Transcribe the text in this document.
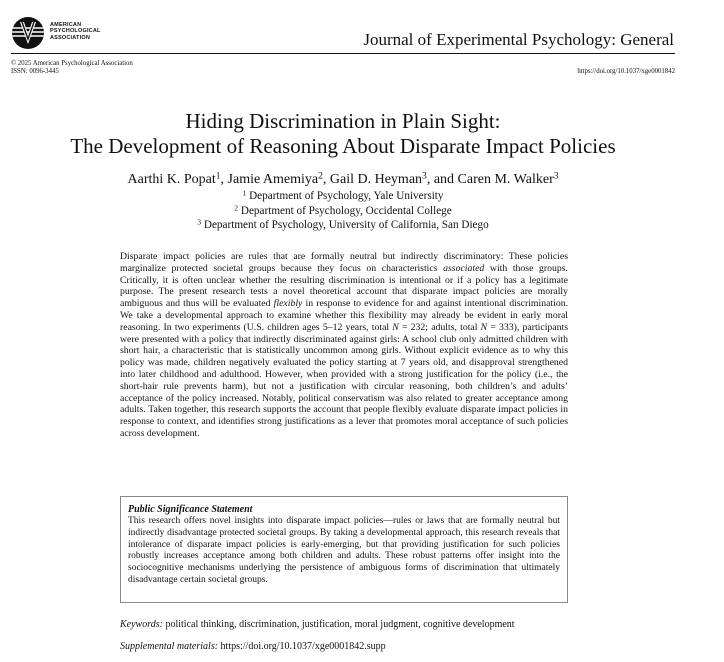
AMERICAN
PSYCHOLOGICAL
ASSOCIATION	Journal of Experimental Psychology: General
© 2025 American Psychological Association
ISSN: 0096-3445	https://doi.org/10.1037/xge0001842
Hiding Discrimination in Plain Sight:
The Development of Reasoning About Disparate Impact Policies
Aarthi K. Popat$^1$, Jamie Amemiya$^2$, Gail D. Heyman$^3$, and Caren M. Walker$^3$
$^1$ Department of Psychology, Yale University
$^2$ Department of Psychology, Occidental College
$^3$ Department of Psychology, University of California, San Diego
Disparate impact policies are rules that are formally neutral but indirectly discriminatory: These policies marginalize protected societal groups because they focus on characteristics associated with those groups. Critically, it is often unclear whether the resulting discrimination is intentional or if a policy has a legitimate purpose. The present research tests a novel theoretical account that disparate impact policies are morally ambiguous and thus will be evaluated flexibly in response to evidence for and against intentional discrimination. We take a developmental approach to examine whether this flexibility may already be evident in early moral reasoning. In two experiments (U.S. children ages 5–12 years, total N = 232; adults, total N = 333), participants were presented with a policy that indirectly discriminated against girls: A school club only admitted children with short hair, a characteristic that is statistically uncommon among girls. Without explicit evidence as to why this policy was made, children negatively evaluated the policy starting at 7 years old, and disapproval strengthened into later childhood and adulthood. However, when provided with a strong justification for the policy (i.e., the short-hair rule prevents harm), but not a justification with circular reasoning, both children’s and adults’ acceptance of the policy increased. Notably, political conservatism was also related to greater acceptance among adults. Taken together, this research supports the account that people flexibly evaluate disparate impact policies in response to context, and identifies strong justifications as a lever that promotes moral acceptance of such policies across development.
Public Significance Statement
This research offers novel insights into disparate impact policies—rules or laws that are formally neutral but indirectly disadvantage protected societal groups. By taking a developmental approach, this research reveals that intolerance of disparate impact policies is early-emerging, but that providing justification for such policies robustly increases acceptance among both children and adults. These robust patterns offer insight into the sociocognitive mechanisms underlying the persistence of ambiguous forms of discrimination that ultimately disadvantage certain societal groups.
Keywords: political thinking, discrimination, justification, moral judgment, cognitive development
Supplemental materials: https://doi.org/10.1037/xge0001842.supp
